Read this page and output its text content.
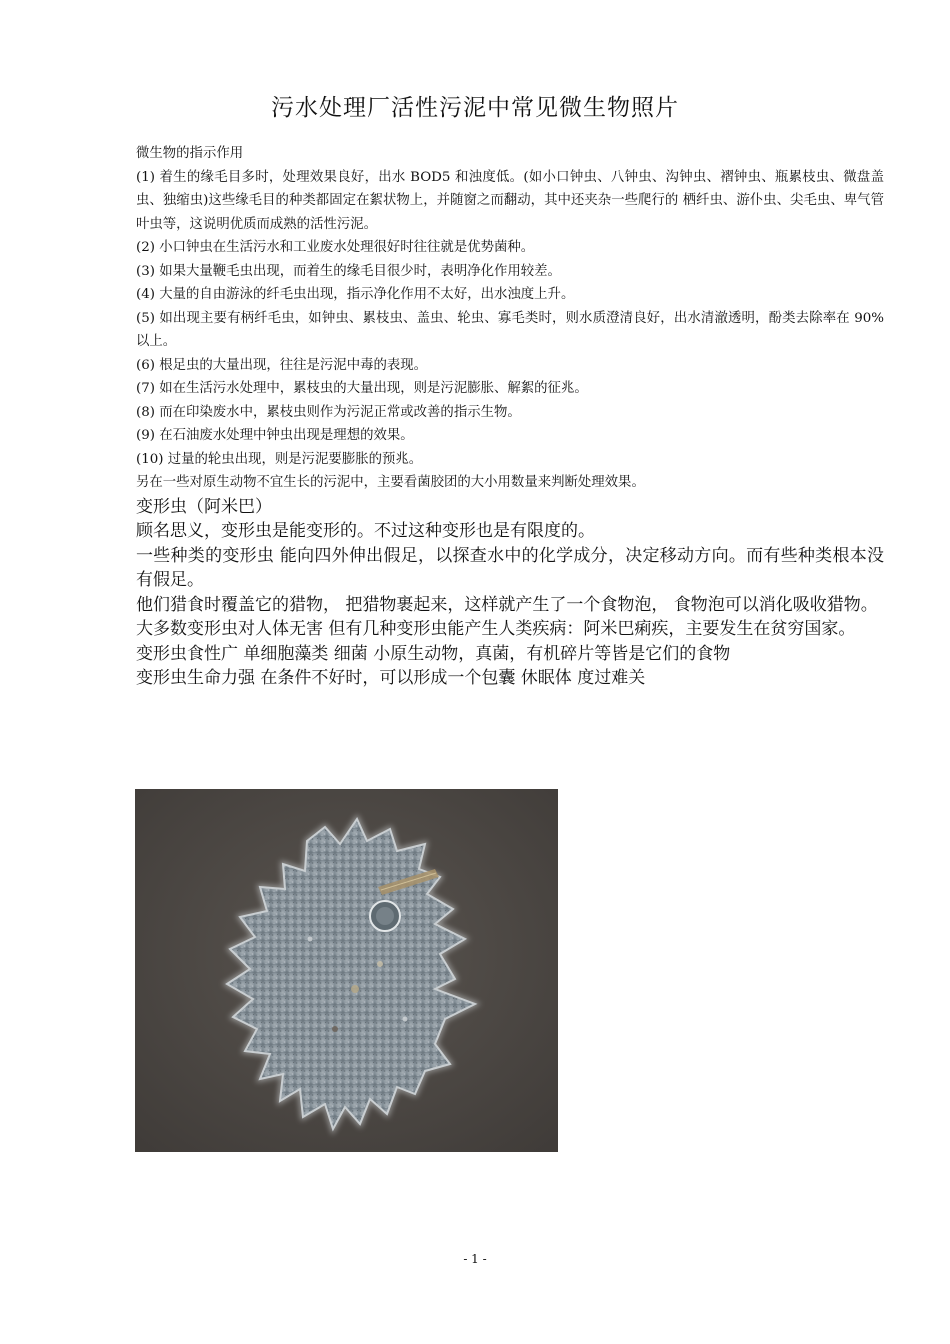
污水处理厂活性污泥中常见微生物照片

微生物的指示作用

(1) 着生的缘毛目多时，处理效果良好，出水 BOD5 和浊度低。(如小口钟虫、八钟虫、沟钟虫、褶钟虫、瓶累枝虫、微盘盖虫、独缩虫)这些缘毛目的种类都固定在絮状物上，并随窗之而翻动，其中还夹杂一些爬行的 栖纤虫、游仆虫、尖毛虫、卑气管叶虫等，这说明优质而成熟的活性污泥。

(2) 小口钟虫在生活污水和工业废水处理很好时往往就是优势菌种。

(3) 如果大量鞭毛虫出现，而着生的缘毛目很少时，表明净化作用较差。

(4) 大量的自由游泳的纤毛虫出现，指示净化作用不太好，出水浊度上升。

(5) 如出现主要有柄纤毛虫，如钟虫、累枝虫、盖虫、轮虫、寡毛类时，则水质澄清良好，出水清澈透明，酚类去除率在 90%以上。

(6) 根足虫的大量出现，往往是污泥中毒的表现。

(7) 如在生活污水处理中，累枝虫的大量出现，则是污泥膨胀、解絮的征兆。

(8) 而在印染废水中，累枝虫则作为污泥正常或改善的指示生物。

(9) 在石油废水处理中钟虫出现是理想的效果。

(10) 过量的轮虫出现，则是污泥要膨胀的预兆。

另在一些对原生动物不宜生长的污泥中，主要看菌胶团的大小用数量来判断处理效果。

变形虫（阿米巴）

顾名思义，变形虫是能变形的。不过这种变形也是有限度的。

一些种类的变形虫 能向四外伸出假足，以探查水中的化学成分，决定移动方向。而有些种类根本没有假足。

他们猎食时覆盖它的猎物， 把猎物裹起来，这样就产生了一个食物泡， 食物泡可以消化吸收猎物。

大多数变形虫对人体无害 但有几种变形虫能产生人类疾病：阿米巴痢疾，主要发生在贫穷国家。

变形虫食性广 单细胞藻类 细菌 小原生动物，真菌，有机碎片等皆是它们的食物

变形虫生命力强 在条件不好时，可以形成一个包囊 休眠体 度过难关

- 1 -
